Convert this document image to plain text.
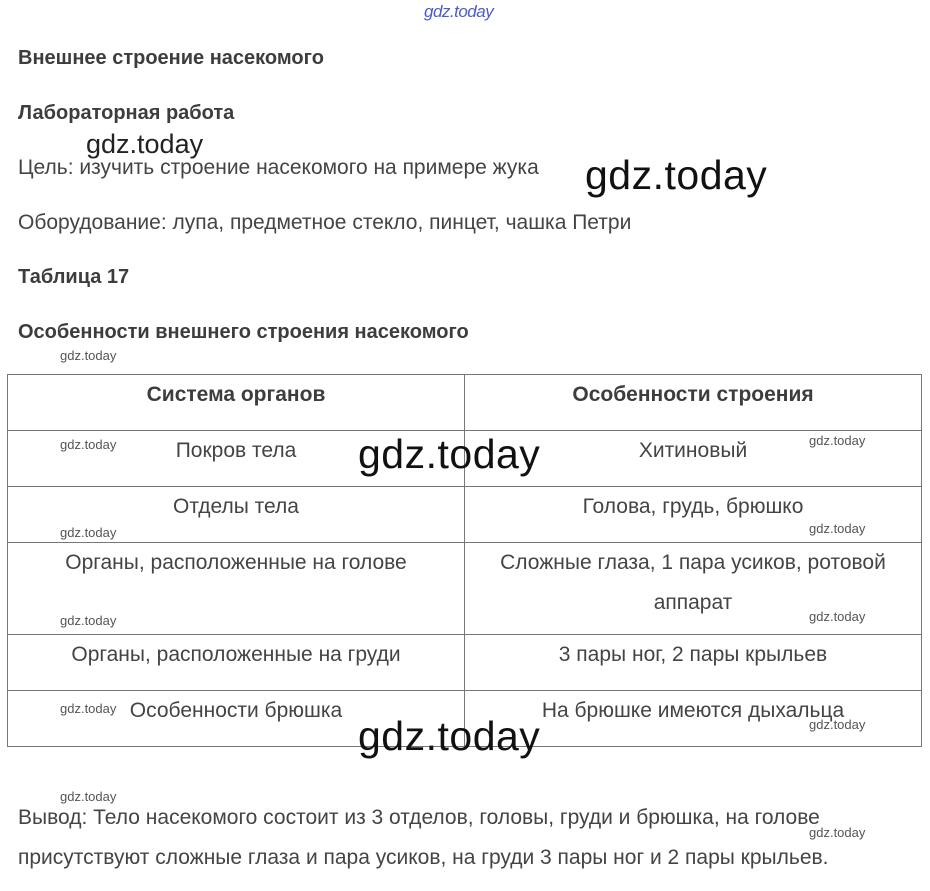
gdz.today
Внешнее строение насекомого
Лабораторная работа
gdz.today
Цель: изучить строение насекомого на примере жука gdz.today
Оборудование: лупа, предметное стекло, пинцет, чашка Петри
Таблица 17
Особенности внешнего строения насекомого
gdz.today
Система органов	Особенности строения
Покров тела	Хитиновый
Отделы тела	Голова, грудь, брюшко
Органы, расположенные на голове	Сложные глаза, 1 пара усиков, ротовой аппарат
Органы, расположенные на груди	3 пары ног, 2 пары крыльев
Особенности брюшка	На брюшке имеются дыхальца
gdz.today	gdz.today
gdz.today
gdz.today	gdz.today
gdz.today	gdz.today
gdz.today
gdz.today
gdz.today
gdz.today
Вывод: Тело насекомого состоит из 3 отделов, головы, груди и брюшка, на голове
gdz.today
присутствуют сложные глаза и пара усиков, на груди 3 пары ног и 2 пары крыльев.
